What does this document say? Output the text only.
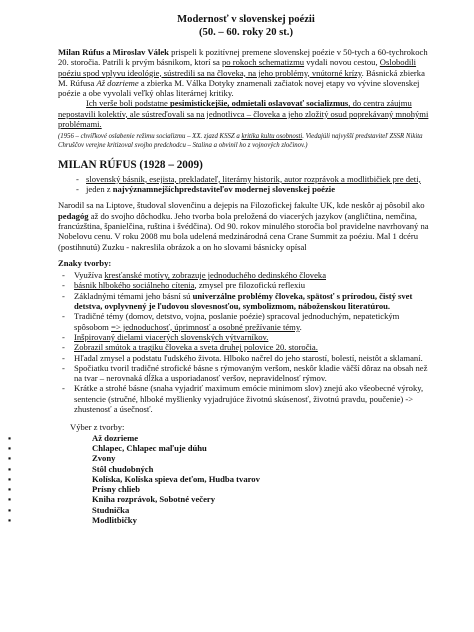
Modernosť v slovenskej poézii
(50. – 60. roky 20 st.)

Milan Rúfus a Miroslav Válek prispeli k pozitívnej premene slovenskej poézie v 50-tych a 60-tychrokoch 20. storočia. Patrili k prvým básnikom, ktorí sa po rokoch schematizmu vydali novou cestou, Oslobodili poéziu spod vplyvu ideológie, sústredili sa na človeka, na jeho problémy, vnútorné krízy. Básnická zbierka M. Rúfusa Až dozrieme a zbierka M. Válka Dotyky znamenali začiatok novej etapy vo vývine slovenskej poézie a obe vyvolali veľký ohlas literárnej kritiky.

Ich verše boli podstatne pesimistickejšie, odmietali oslavovať socializmus, do centra záujmu nepostavili kolektív, ale sústreďovali sa na jednotlivca – človeka a jeho zložitý osud poprekávaný mnohými problémami.

(1956 – chvíľkové oslabenie režimu socializmu – XX. zjazd KSSZ a kritika kultu osobnosti. Viedajúli najvyšší predstaviteľ ZSSR Nikita Chruščov verejne kritizoval svojho predchodcu – Stalina a obvinil ho z vojnových zločinov.)

MILAN RÚFUS (1928 – 2009)
- slovenský básnik, esejista, prekladateľ, literárny historik, autor rozprávok a modlitbičiek pre deti,
- jeden z najvýznamnejšíchpredstaviteľov modernej slovenskej poézie

Narodil sa na Liptove, študoval slovenčinu a dejepis na Filozofickej fakulte UK, kde neskôr aj pôsobil ako pedagóg až do svojho dôchodku. Jeho tvorba bola preložená do viacerých jazykov (angličtina, nemčina, francúzština, španielčina, ruština i švédčina). Od 90. rokov minulého storočia bol pravidelne navrhovaný na Nobelovu cenu. V roku 2008 mu bola udelená medzinárodná cena Crane Summit za poéziu. Mal 1 dcéru (postihnutú) Zuzku - nakreslila obrázok a on ho slovami básnicky opísal

Znaky tvorby:
- Využíva kresťanské motívy, zobrazuje jednoduchého dedinského človeka
- básnik hlbokého sociálneho cítenia, zmysel pre filozofickú reflexiu
- Základnými témami jeho básní sú univerzálne problémy človeka, spätosť s prírodou, čistý svet detstva, ovplyvnený je ľudovou slovesnosťou, symbolizmom, náboženskou literatúrou.
- Tradičné témy (domov, detstvo, vojna, poslanie poézie) spracoval jednoduchým, nepatetickým spôsobom => jednoduchosť, úprimnosť a osobné prežívanie témy.
- Inšpirovaný dielami viacerých slovenských výtvarníkov.
- Zobrazil smútok a tragiku človeka a sveta druhej polovice 20. storočia.
- Hľadal zmysel a podstatu ľudského života. Hlboko načrel do jeho starostí, bolestí, neistôt a sklamaní.
- Spočiatku tvoril tradičné strofické básne s rýmovaným veršom, neskôr kladie väčší dôraz na obsah než na tvar – nerovnaká dĺžka a usporiadanosť veršov, nepravidelnosť rýmov.
- Krátke a strohé básne (snaha vyjadriť maximum emócie minimom slov) znejú ako všeobecné výroky, sentencie (stručné, hlboké myšlienky vyjadrujúce životnú skúsenosť, životnú pravdu, poučenie) -> zhustenosť a úsečnosť.
Výber z tvorby:
▪ Až dozrieme
▪ Chlapec, Chlapec maľuje dúhu
▪ Zvony
▪ Stôl chudobných
▪ Kolíska, Kolíska spieva deťom, Hudba tvarov
▪ Prísny chlieb
▪ Kniha rozprávok, Sobotné večery
▪ Studnička
▪ Modlitbičky
